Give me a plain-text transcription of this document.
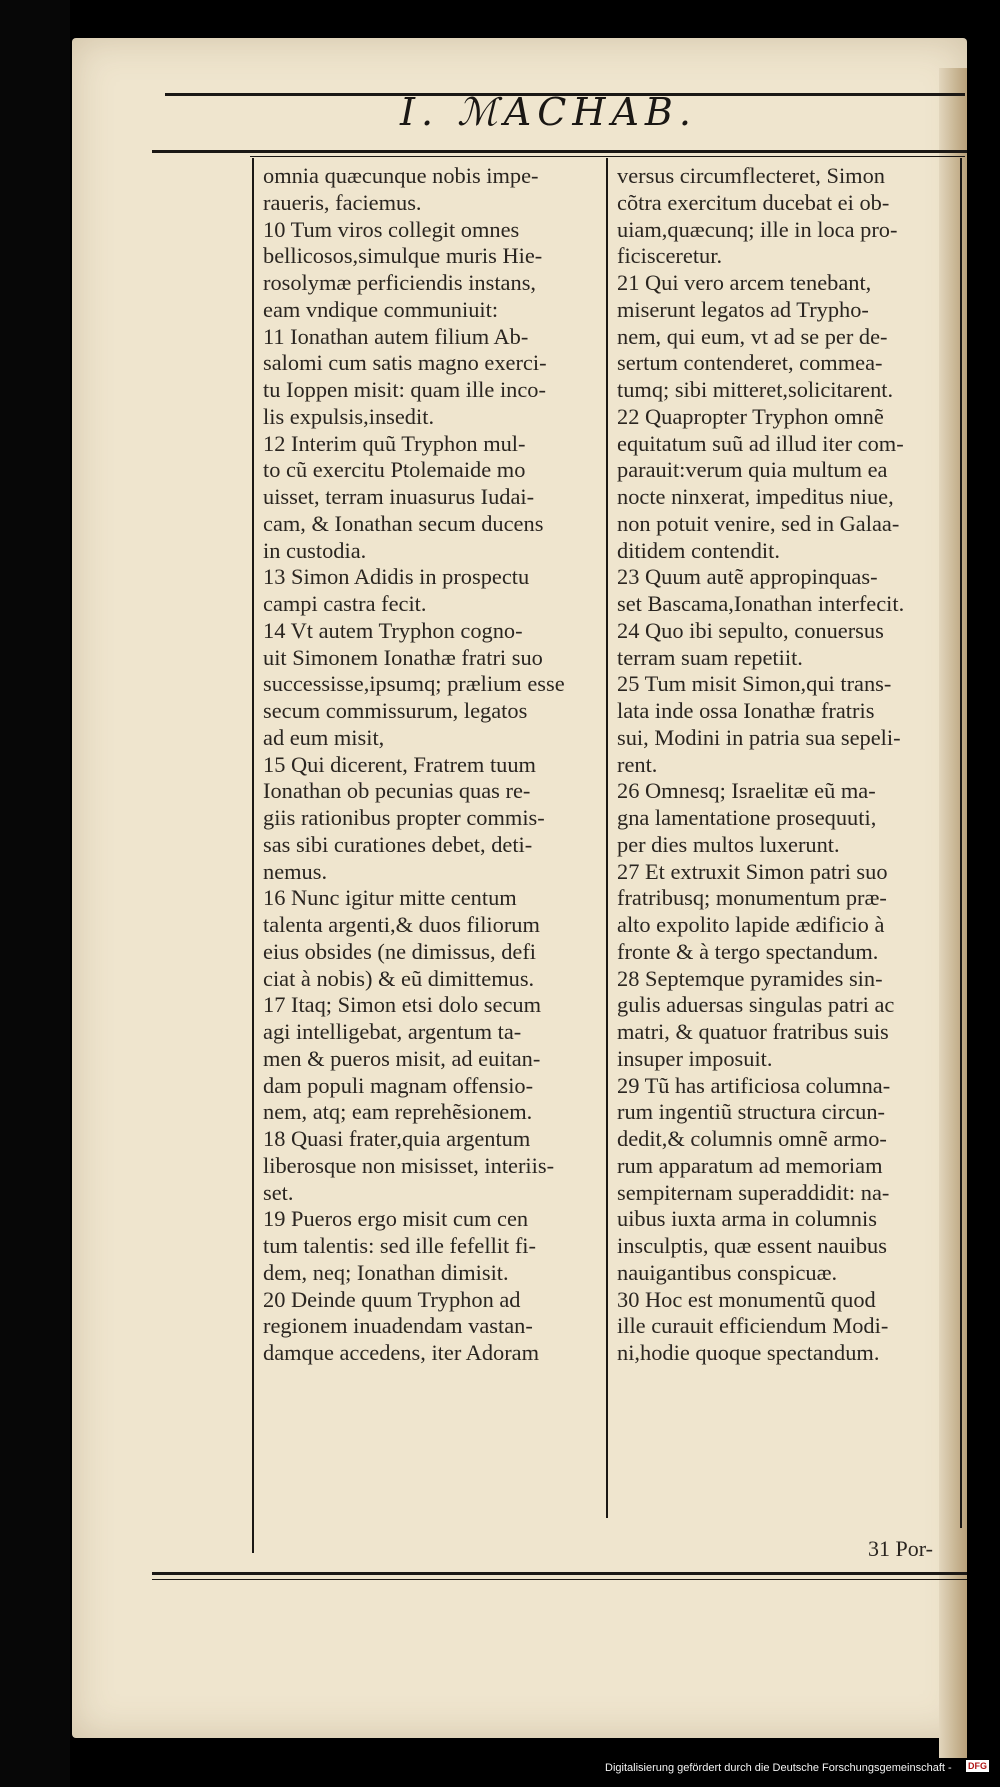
I. ℳACHAB.
omnia quæcunque nobis impe-
raueris, faciemus.
10 Tum viros collegit omnes
bellicosos,simulque muris Hie-
rosolymæ perficiendis instans,
eam vndique communiuit:
11 Ionathan autem filium Ab-
salomi cum satis magno exerci-
tu Ioppen misit: quam ille inco-
lis expulsis,insedit.
12 Interim quũ Tryphon mul-
to cũ exercitu Ptolemaide mo
uisset, terram inuasurus Iudai-
cam, & Ionathan secum ducens
in custodia.
13 Simon Adidis in prospectu
campi castra fecit.
14 Vt autem Tryphon cogno-
uit Simonem Ionathæ fratri suo
successisse,ipsumq; prælium esse
secum commissurum, legatos
ad eum misit,
15 Qui dicerent, Fratrem tuum
Ionathan ob pecunias quas re-
giis rationibus propter commis-
sas sibi curationes debet, deti-
nemus.
16 Nunc igitur mitte centum
talenta argenti,& duos filiorum
eius obsides (ne dimissus, defi
ciat à nobis) & eũ dimittemus.
17 Itaq; Simon etsi dolo secum
agi intelligebat, argentum ta-
men & pueros misit, ad euitan-
dam populi magnam offensio-
nem, atq; eam reprehẽsionem.
18 Quasi frater,quia argentum
liberosque non misisset, interiis-
set.
19 Pueros ergo misit cum cen
tum talentis: sed ille fefellit fi-
dem, neq; Ionathan dimisit.
20 Deinde quum Tryphon ad
regionem inuadendam vastan-
damque accedens, iter Adoram
versus circumflecteret, Simon
cõtra exercitum ducebat ei ob-
uiam,quæcunq; ille in loca pro-
ficisceretur.
21 Qui vero arcem tenebant,
miserunt legatos ad Trypho-
nem, qui eum, vt ad se per de-
sertum contenderet, commea-
tumq; sibi mitteret,solicitarent.
22 Quapropter Tryphon omnẽ
equitatum suũ ad illud iter com-
parauit:verum quia multum ea
nocte ninxerat, impeditus niue,
non potuit venire, sed in Galaa-
ditidem contendit.
23 Quum autẽ appropinquas-
set Bascama,Ionathan interfecit.
24 Quo ibi sepulto, conuersus
terram suam repetiit.
25 Tum misit Simon,qui trans-
lata inde ossa Ionathæ fratris
sui, Modini in patria sua sepeli-
rent.
26 Omnesq; Israelitæ eũ ma-
gna lamentatione prosequuti,
per dies multos luxerunt.
27 Et extruxit Simon patri suo
fratribusq; monumentum præ-
alto expolito lapide ædificio à
fronte & à tergo spectandum.
28 Septemque pyramides sin-
gulis aduersas singulas patri ac
matri, & quatuor fratribus suis
insuper imposuit.
29 Tũ has artificiosa columna-
rum ingentiũ structura circun-
dedit,& columnis omnẽ armo-
rum apparatum ad memoriam
sempiternam superaddidit: na-
uibus iuxta arma in columnis
insculptis, quæ essent nauibus
nauigantibus conspicuæ.
30 Hoc est monumentũ quod
ille curauit efficiendum Modi-
ni,hodie quoque spectandum.
31 Por-
Digitalisierung gefördert durch die Deutsche Forschungsgemeinschaft - DFG
